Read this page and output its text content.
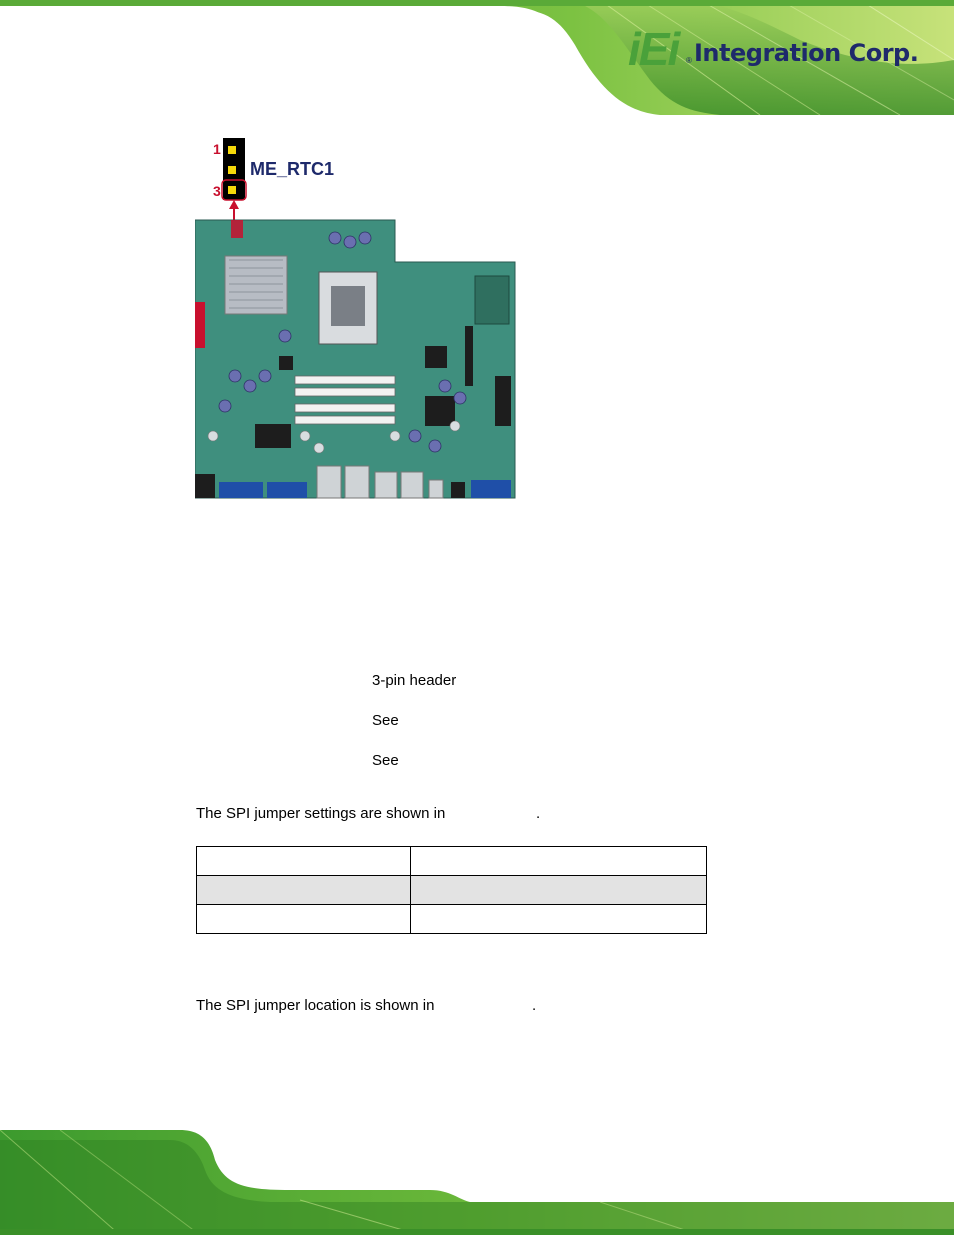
iEi ® Integration Corp.
1
3
ME_RTC1
3-pin header
See
See
The SPI jumper settings are shown in	.

The SPI jumper location is shown in	.
